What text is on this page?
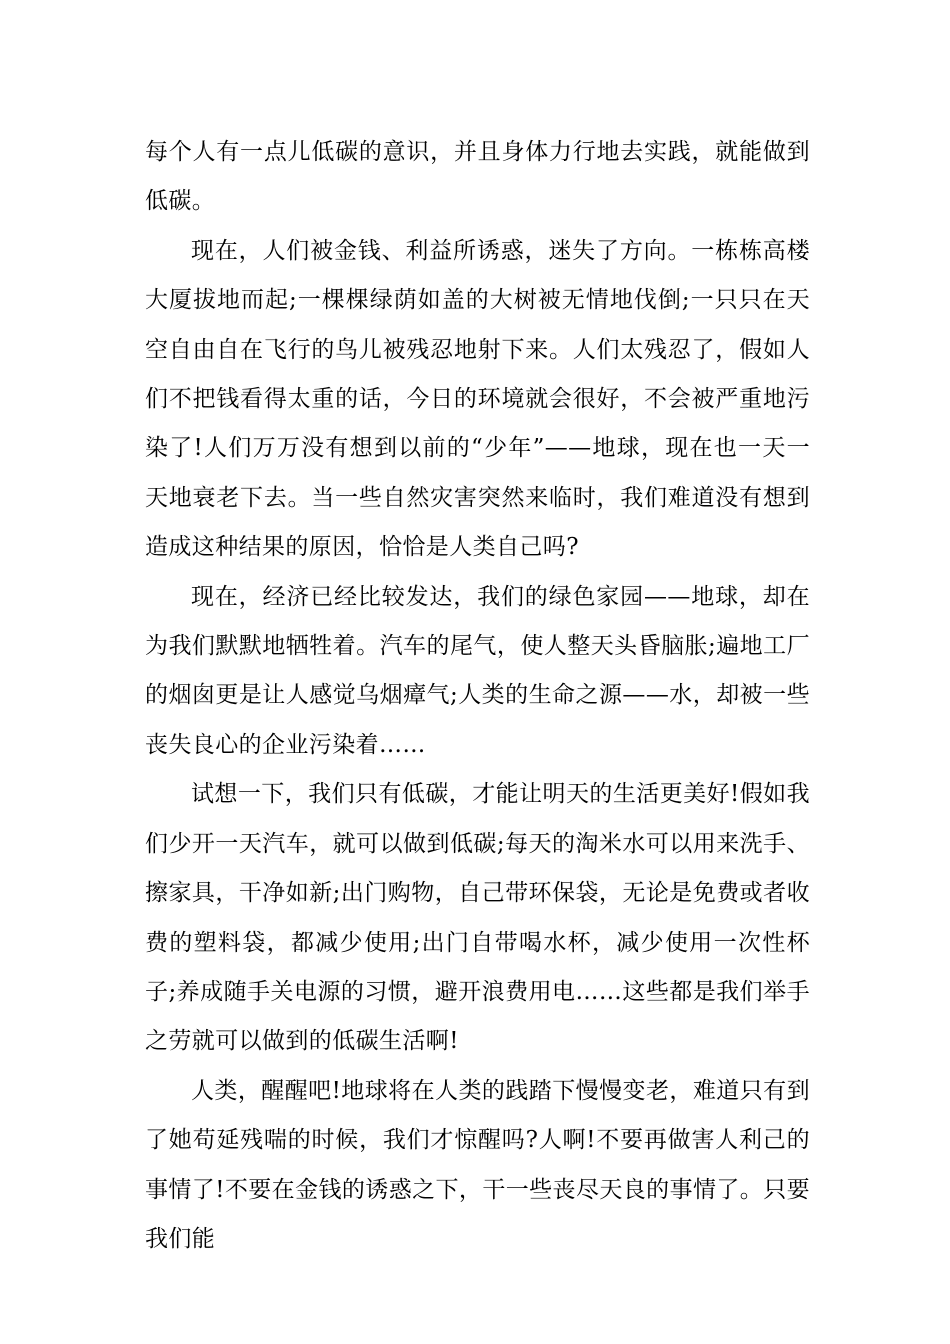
每个人有一点儿低碳的意识，并且身体力行地去实践，就能做到低碳。

现在，人们被金钱、利益所诱惑，迷失了方向。一栋栋高楼大厦拔地而起;一棵棵绿荫如盖的大树被无情地伐倒;一只只在天空自由自在飞行的鸟儿被残忍地射下来。人们太残忍了，假如人们不把钱看得太重的话，今日的环境就会很好，不会被严重地污染了!人们万万没有想到以前的“少年”——地球，现在也一天一天地衰老下去。当一些自然灾害突然来临时，我们难道没有想到造成这种结果的原因，恰恰是人类自己吗?

现在，经济已经比较发达，我们的绿色家园——地球，却在为我们默默地牺牲着。汽车的尾气，使人整天头昏脑胀;遍地工厂的烟囱更是让人感觉乌烟瘴气;人类的生命之源——水，却被一些丧失良心的企业污染着……

试想一下，我们只有低碳，才能让明天的生活更美好!假如我们少开一天汽车，就可以做到低碳;每天的淘米水可以用来洗手、擦家具，干净如新;出门购物，自己带环保袋，无论是免费或者收费的塑料袋，都减少使用;出门自带喝水杯，减少使用一次性杯子;养成随手关电源的习惯，避开浪费用电……这些都是我们举手之劳就可以做到的低碳生活啊!

人类，醒醒吧!地球将在人类的践踏下慢慢变老，难道只有到了她苟延残喘的时候，我们才惊醒吗?人啊!不要再做害人利己的事情了!不要在金钱的诱惑之下，干一些丧尽天良的事情了。只要我们能
